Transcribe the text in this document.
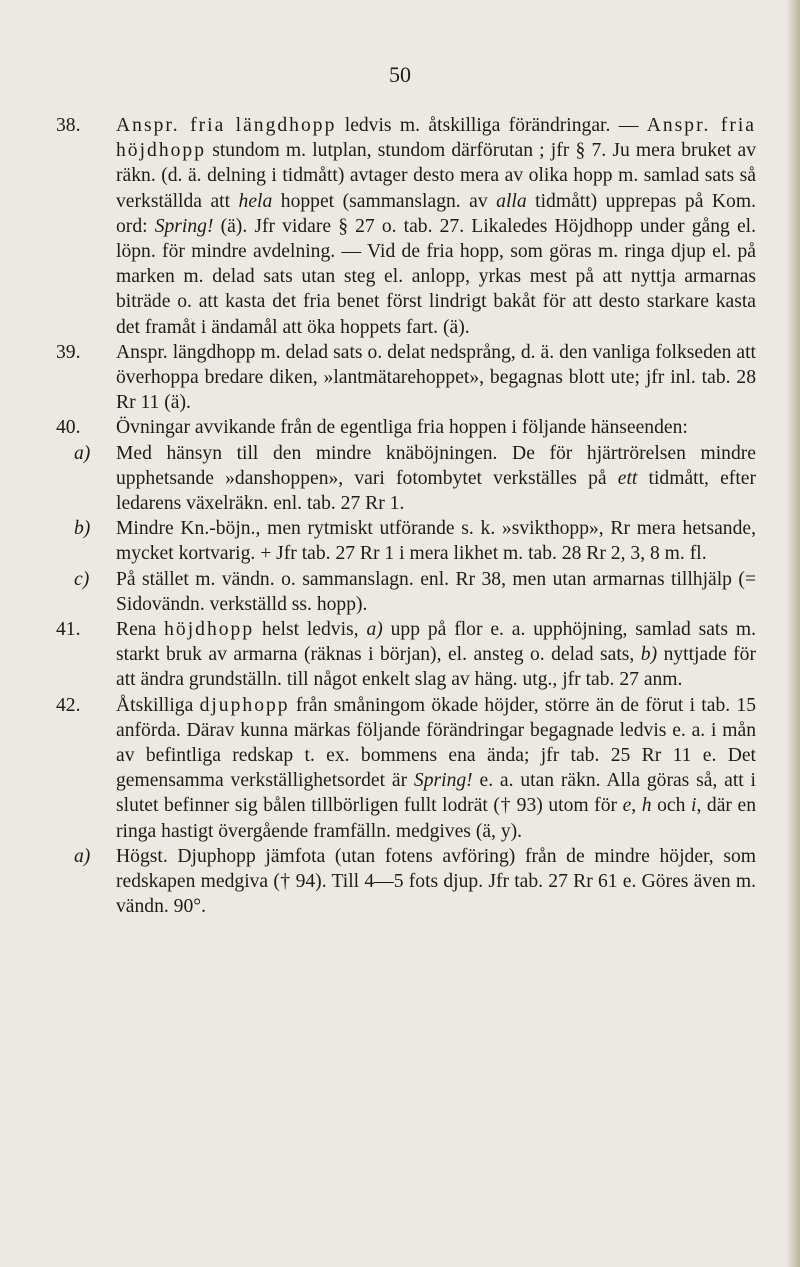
50

38.	Anspr. fria längdhopp ledvis m. åtskilliga förändringar. — Anspr. fria höjdhopp stundom m. lutplan, stundom därförutan ; jfr § 7. Ju mera bruket av räkn. (d. ä. delning i tidmått) avtager desto mera av olika hopp m. samlad sats så verkställda att hela hoppet (sammanslagn. av alla tidmått) upprepas på Kom. ord: Spring! (ä). Jfr vidare § 27 o. tab. 27. Likaledes Höjdhopp under gång el. löpn. för mindre avdelning. — Vid de fria hopp, som göras m. ringa djup el. på marken m. delad sats utan steg el. anlopp, yrkas mest på att nyttja armarnas biträde o. att kasta det fria benet först lindrigt bakåt för att desto starkare kasta det framåt i ändamål att öka hoppets fart. (ä).

39.	Anspr. längdhopp m. delad sats o. delat nedsprång, d. ä. den vanliga folkseden att överhoppa bredare diken, »lantmätarehoppet», begagnas blott ute; jfr inl. tab. 28 Rr 11 (ä).

40.	Övningar avvikande från de egentliga fria hoppen i följande hänseenden:

a)	Med hänsyn till den mindre knäböjningen. De för hjärtrörelsen mindre upphetsande »danshoppen», vari fotombytet verkställes på ett tidmått, efter ledarens växelräkn. enl. tab. 27 Rr 1.

b)	Mindre Kn.-böjn., men rytmiskt utförande s. k. »svikthopp», Rr mera hetsande, mycket kortvarig. + Jfr tab. 27 Rr 1 i mera likhet m. tab. 28 Rr 2, 3, 8 m. fl.

c)	På stället m. vändn. o. sammanslagn. enl. Rr 38, men utan armarnas tillhjälp (= Sidovändn. verkställd ss. hopp).

41.	Rena höjdhopp helst ledvis, a) upp på flor e. a. upphöjning, samlad sats m. starkt bruk av armarna (räknas i början), el. ansteg o. delad sats, b) nyttjade för att ändra grundställn. till något enkelt slag av häng. utg., jfr tab. 27 anm.

42.	Åtskilliga djuphopp från småningom ökade höjder, större än de förut i tab. 15 anförda. Därav kunna märkas följande förändringar begagnade ledvis e. a. i mån av befintliga redskap t. ex. bommens ena ända; jfr tab. 25 Rr 11 e. Det gemensamma verkställighetsordet är Spring! e. a. utan räkn. Alla göras så, att i slutet befinner sig bålen tillbörligen fullt lodrät († 93) utom för e, h och i, där en ringa hastigt övergående framfälln. medgives (ä, y).

a)	Högst. Djuphopp jämfota (utan fotens avföring) från de mindre höjder, som redskapen medgiva († 94). Till 4—5 fots djup. Jfr tab. 27 Rr 61 e. Göres även m. vändn. 90°.
